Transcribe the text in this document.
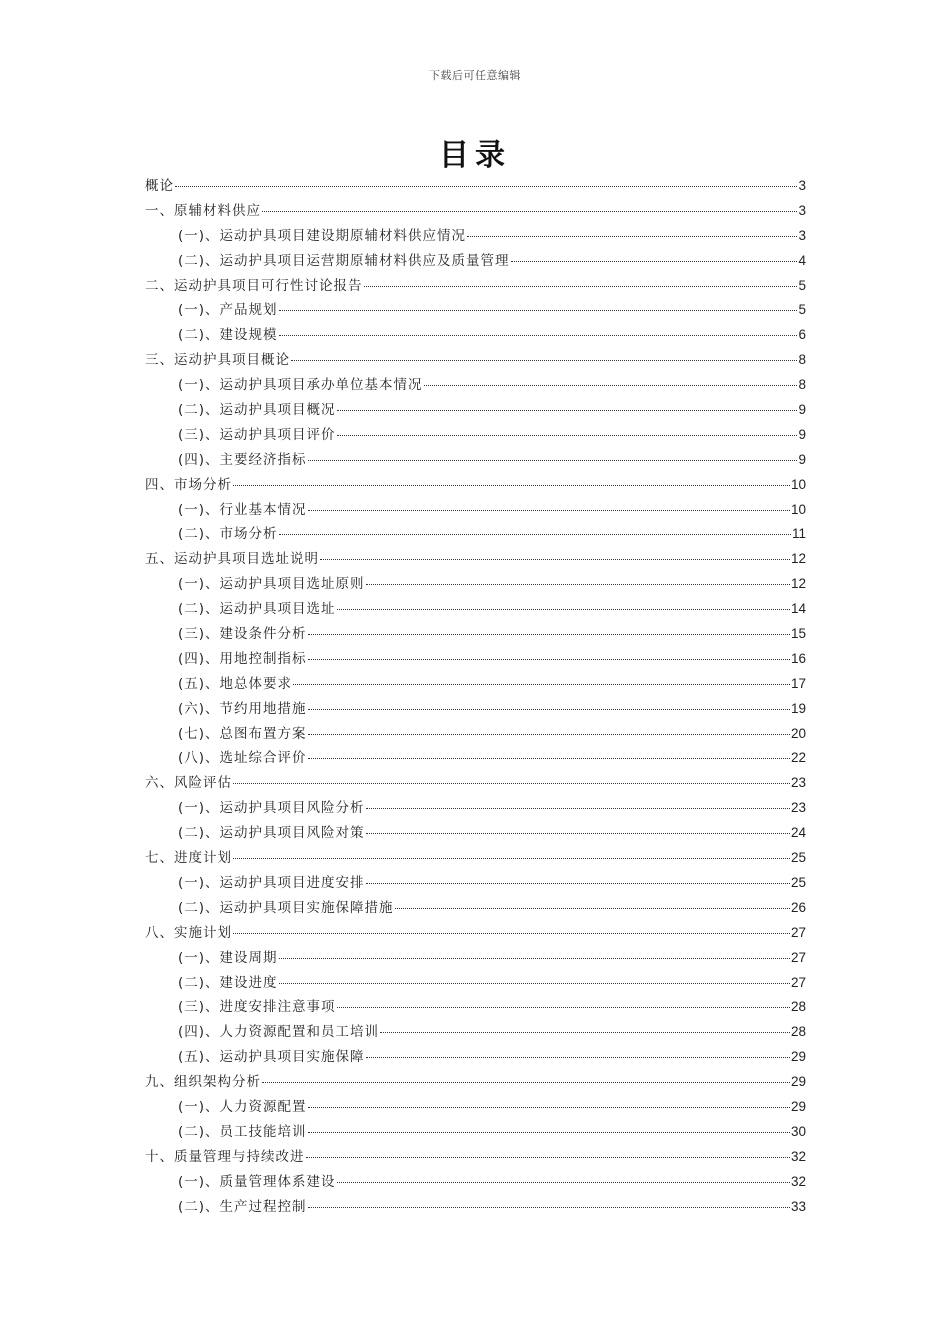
下载后可任意编辑
目录
概论	3
一、原辅材料供应	3
(一)、运动护具项目建设期原辅材料供应情况	3
(二)、运动护具项目运营期原辅材料供应及质量管理	4
二、运动护具项目可行性讨论报告	5
(一)、产品规划	5
(二)、建设规模	6
三、运动护具项目概论	8
(一)、运动护具项目承办单位基本情况	8
(二)、运动护具项目概况	9
(三)、运动护具项目评价	9
(四)、主要经济指标	9
四、市场分析	10
(一)、行业基本情况	10
(二)、市场分析	11
五、运动护具项目选址说明	12
(一)、运动护具项目选址原则	12
(二)、运动护具项目选址	14
(三)、建设条件分析	15
(四)、用地控制指标	16
(五)、地总体要求	17
(六)、节约用地措施	19
(七)、总图布置方案	20
(八)、选址综合评价	22
六、风险评估	23
(一)、运动护具项目风险分析	23
(二)、运动护具项目风险对策	24
七、进度计划	25
(一)、运动护具项目进度安排	25
(二)、运动护具项目实施保障措施	26
八、实施计划	27
(一)、建设周期	27
(二)、建设进度	27
(三)、进度安排注意事项	28
(四)、人力资源配置和员工培训	28
(五)、运动护具项目实施保障	29
九、组织架构分析	29
(一)、人力资源配置	29
(二)、员工技能培训	30
十、质量管理与持续改进	32
(一)、质量管理体系建设	32
(二)、生产过程控制	33
